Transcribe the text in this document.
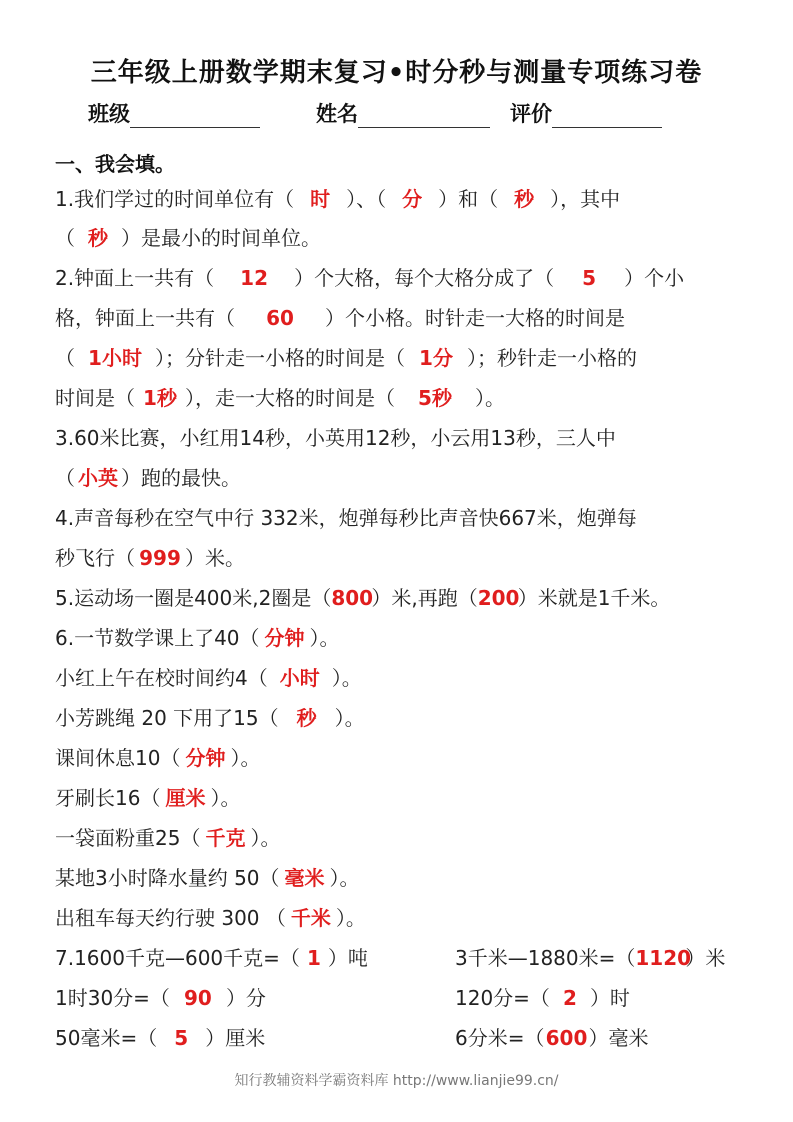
三年级上册数学期末复习•时分秒与测量专项练习卷
班级	姓名	评价
一、我会填。
1.我们学过的时间单位有（ 时 ）、（ 分 ）和（ 秒 ），其中
（ 秒 ）是最小的时间单位。
2.钟面上一共有（ 12 ）个大格，每个大格分成了（ 5 ）个小
格，钟面上一共有（ 60 ）个小格。时针走一大格的时间是
（ 1小时 ）；分针走一小格的时间是（ 1分 ）；秒针走一小格的
时间是（ 1秒 ），走一大格的时间是（ 5秒 ）。
3.60米比赛，小红用14秒，小英用12秒，小云用13秒，三人中
（ 小英 ）跑的最快。
4.声音每秒在空气中行 332米，炮弹每秒比声音快667米，炮弹每
秒飞行（ 999 ）米。
5.运动场一圈是400米,2圈是（800）米,再跑（200）米就是1千米。
6.一节数学课上了40（ 分钟 ）。
小红上午在校时间约4（ 小时 ）。
小芳跳绳 20 下用了15（ 秒 ）。
课间休息10（ 分钟 ）。
牙刷长16（ 厘米 ）。
一袋面粉重25（ 千克 ）。
某地3小时降水量约 50（ 毫米 ）。
出租车每天约行驶 300 （ 千米 ）。
7.1600千克—600千克=（ 1 ）吨	3千米—1880米=（1120）米
1时30分=（ 90 ）分	120分=（ 2 ）时
50毫米=（ 5 ）厘米	6分米=（600）毫米
知行教辅资料学霸资料库 http://www.lianjie99.cn/
